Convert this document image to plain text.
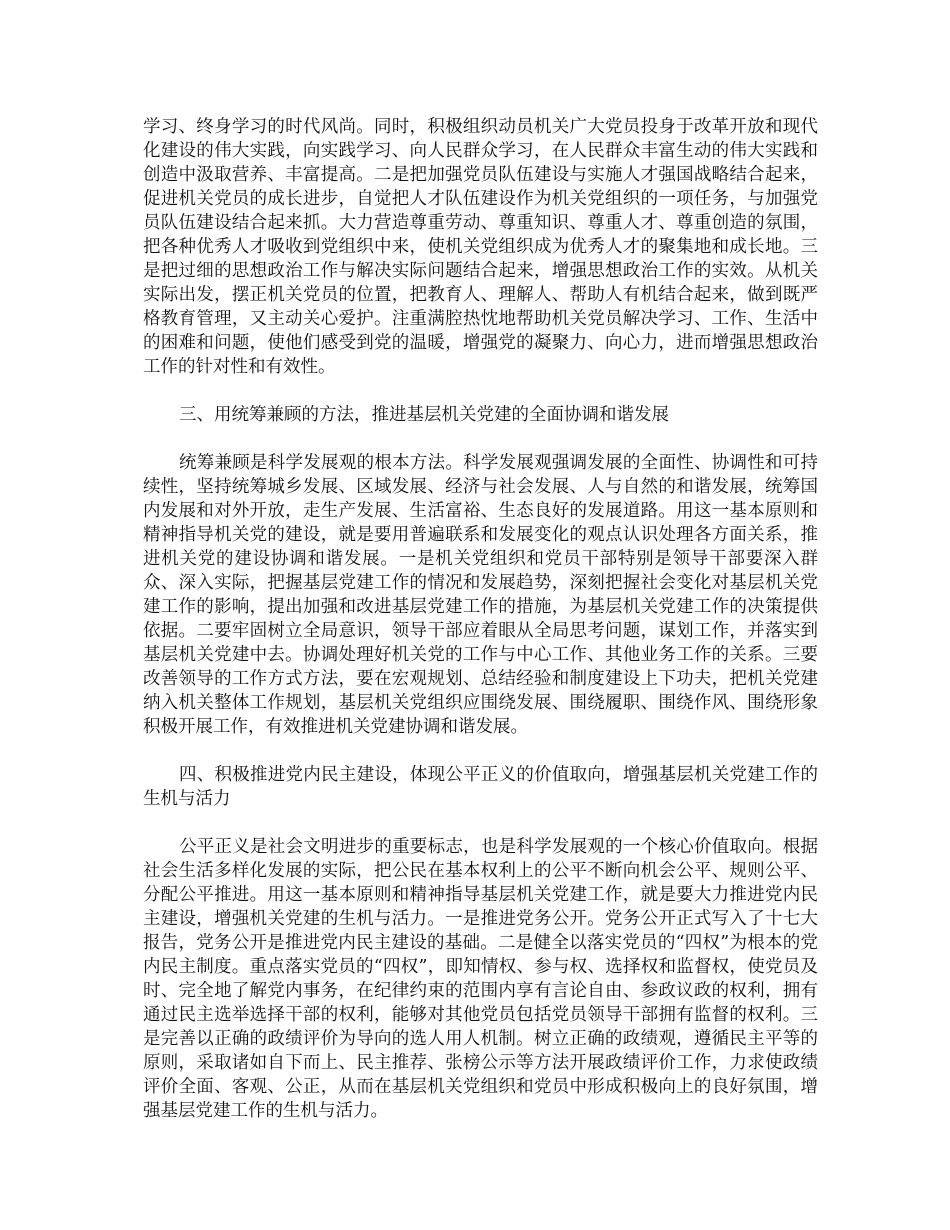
学习、终身学习的时代风尚。同时，积极组织动员机关广大党员投身于改革开放和现代化建设的伟大实践，向实践学习、向人民群众学习，在人民群众丰富生动的伟大实践和创造中汲取营养、丰富提高。二是把加强党员队伍建设与实施人才强国战略结合起来，促进机关党员的成长进步，自觉把人才队伍建设作为机关党组织的一项任务，与加强党员队伍建设结合起来抓。大力营造尊重劳动、尊重知识、尊重人才、尊重创造的氛围，把各种优秀人才吸收到党组织中来，使机关党组织成为优秀人才的聚集地和成长地。三是把过细的思想政治工作与解决实际问题结合起来，增强思想政治工作的实效。从机关实际出发，摆正机关党员的位置，把教育人、理解人、帮助人有机结合起来，做到既严格教育管理，又主动关心爱护。注重满腔热忱地帮助机关党员解决学习、工作、生活中的困难和问题，使他们感受到党的温暖，增强党的凝聚力、向心力，进而增强思想政治工作的针对性和有效性。

三、用统筹兼顾的方法，推进基层机关党建的全面协调和谐发展

统筹兼顾是科学发展观的根本方法。科学发展观强调发展的全面性、协调性和可持续性，坚持统筹城乡发展、区域发展、经济与社会发展、人与自然的和谐发展，统筹国内发展和对外开放，走生产发展、生活富裕、生态良好的发展道路。用这一基本原则和精神指导机关党的建设，就是要用普遍联系和发展变化的观点认识处理各方面关系，推进机关党的建设协调和谐发展。一是机关党组织和党员干部特别是领导干部要深入群众、深入实际，把握基层党建工作的情况和发展趋势，深刻把握社会变化对基层机关党建工作的影响，提出加强和改进基层党建工作的措施，为基层机关党建工作的决策提供依据。二要牢固树立全局意识，领导干部应着眼从全局思考问题，谋划工作，并落实到基层机关党建中去。协调处理好机关党的工作与中心工作、其他业务工作的关系。三要改善领导的工作方式方法，要在宏观规划、总结经验和制度建设上下功夫，把机关党建纳入机关整体工作规划，基层机关党组织应围绕发展、围绕履职、围绕作风、围绕形象积极开展工作，有效推进机关党建协调和谐发展。

四、积极推进党内民主建设，体现公平正义的价值取向，增强基层机关党建工作的生机与活力

公平正义是社会文明进步的重要标志，也是科学发展观的一个核心价值取向。根据社会生活多样化发展的实际，把公民在基本权利上的公平不断向机会公平、规则公平、分配公平推进。用这一基本原则和精神指导基层机关党建工作，就是要大力推进党内民主建设，增强机关党建的生机与活力。一是推进党务公开。党务公开正式写入了十七大报告，党务公开是推进党内民主建设的基础。二是健全以落实党员的“四权”为根本的党内民主制度。重点落实党员的“四权”，即知情权、参与权、选择权和监督权，使党员及时、完全地了解党内事务，在纪律约束的范围内享有言论自由、参政议政的权利，拥有通过民主选举选择干部的权利，能够对其他党员包括党员领导干部拥有监督的权利。三是完善以正确的政绩评价为导向的选人用人机制。树立正确的政绩观，遵循民主平等的原则，采取诸如自下而上、民主推荐、张榜公示等方法开展政绩评价工作，力求使政绩评价全面、客观、公正，从而在基层机关党组织和党员中形成积极向上的良好氛围，增强基层党建工作的生机与活力。
